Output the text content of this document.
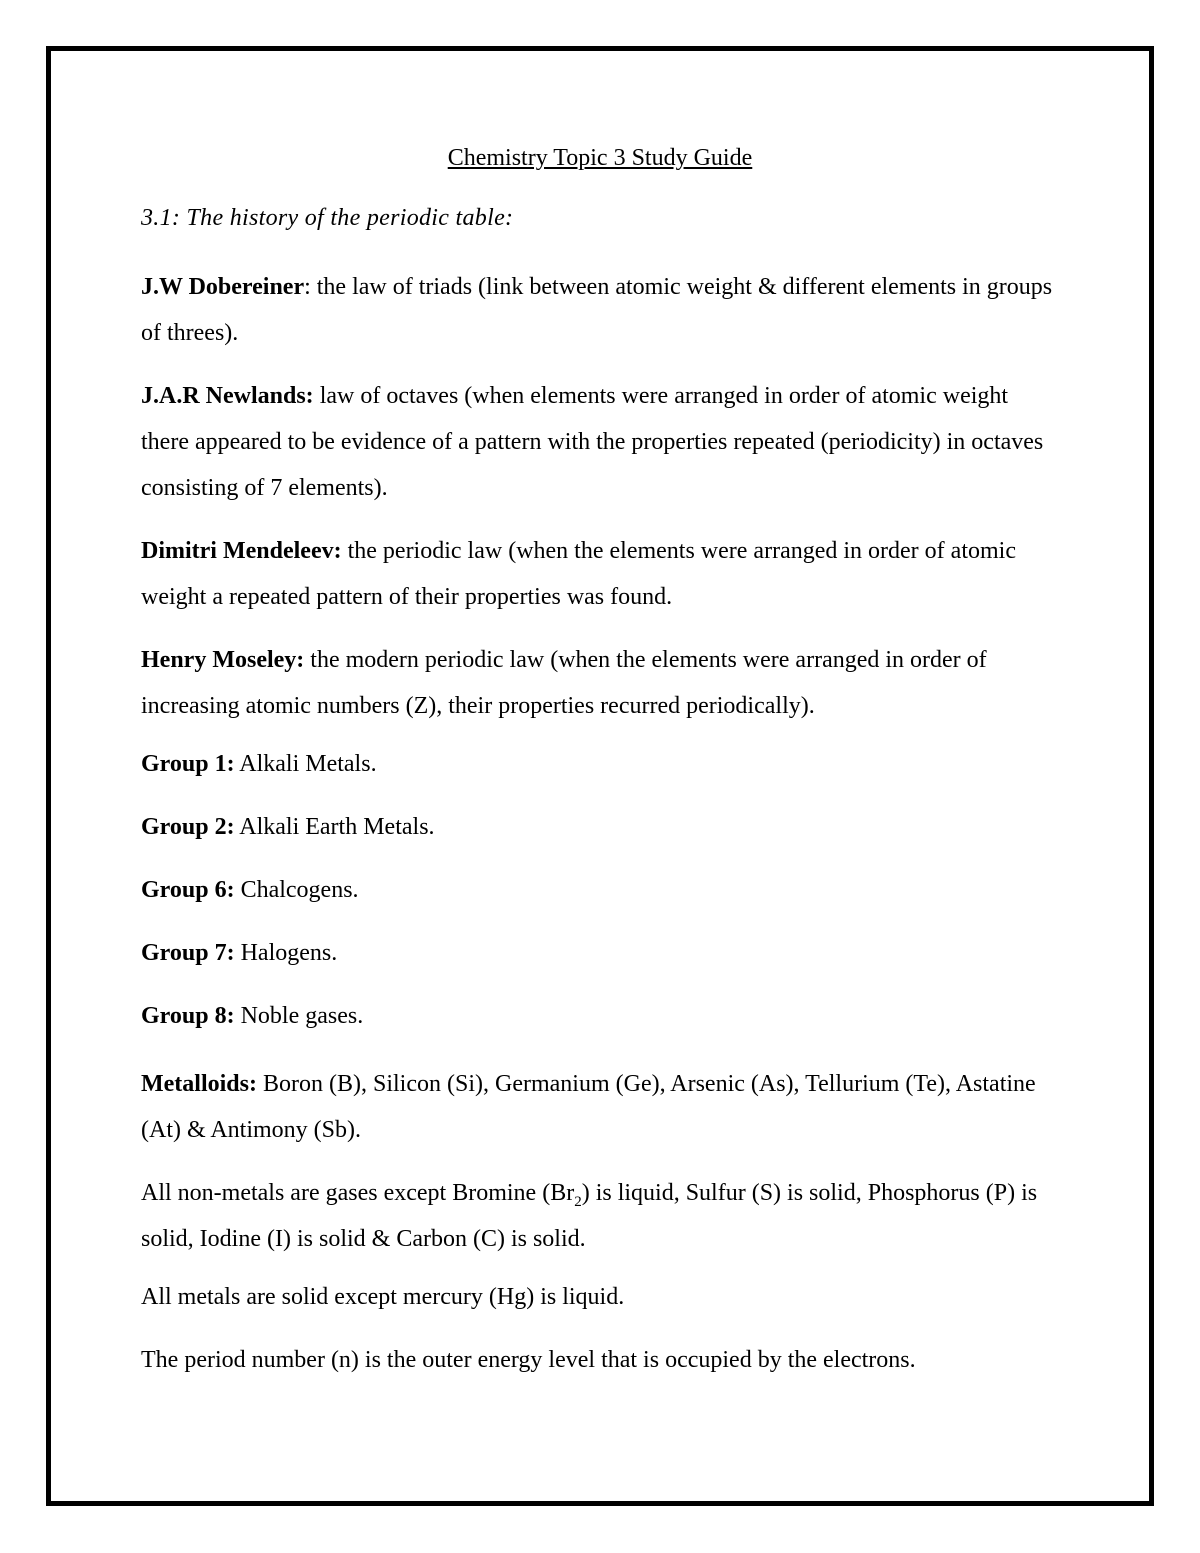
Chemistry Topic 3 Study Guide
3.1: The history of the periodic table:
J.W Dobereiner: the law of triads (link between atomic weight & different elements in groups of threes).
J.A.R Newlands: law of octaves (when elements were arranged in order of atomic weight there appeared to be evidence of a pattern with the properties repeated (periodicity) in octaves consisting of 7 elements).
Dimitri Mendeleev: the periodic law (when the elements were arranged in order of atomic weight a repeated pattern of their properties was found.
Henry Moseley: the modern periodic law (when the elements were arranged in order of increasing atomic numbers (Z), their properties recurred periodically).
Group 1: Alkali Metals.
Group 2: Alkali Earth Metals.
Group 6: Chalcogens.
Group 7: Halogens.
Group 8: Noble gases.
Metalloids: Boron (B), Silicon (Si), Germanium (Ge), Arsenic (As), Tellurium (Te), Astatine (At) & Antimony (Sb).
All non-metals are gases except Bromine $(Br_2)$ is liquid, Sulfur (S) is solid, Phosphorus (P) is solid, Iodine (I) is solid & Carbon (C) is solid.
All metals are solid except mercury (Hg) is liquid.
The period number (n) is the outer energy level that is occupied by the electrons.
